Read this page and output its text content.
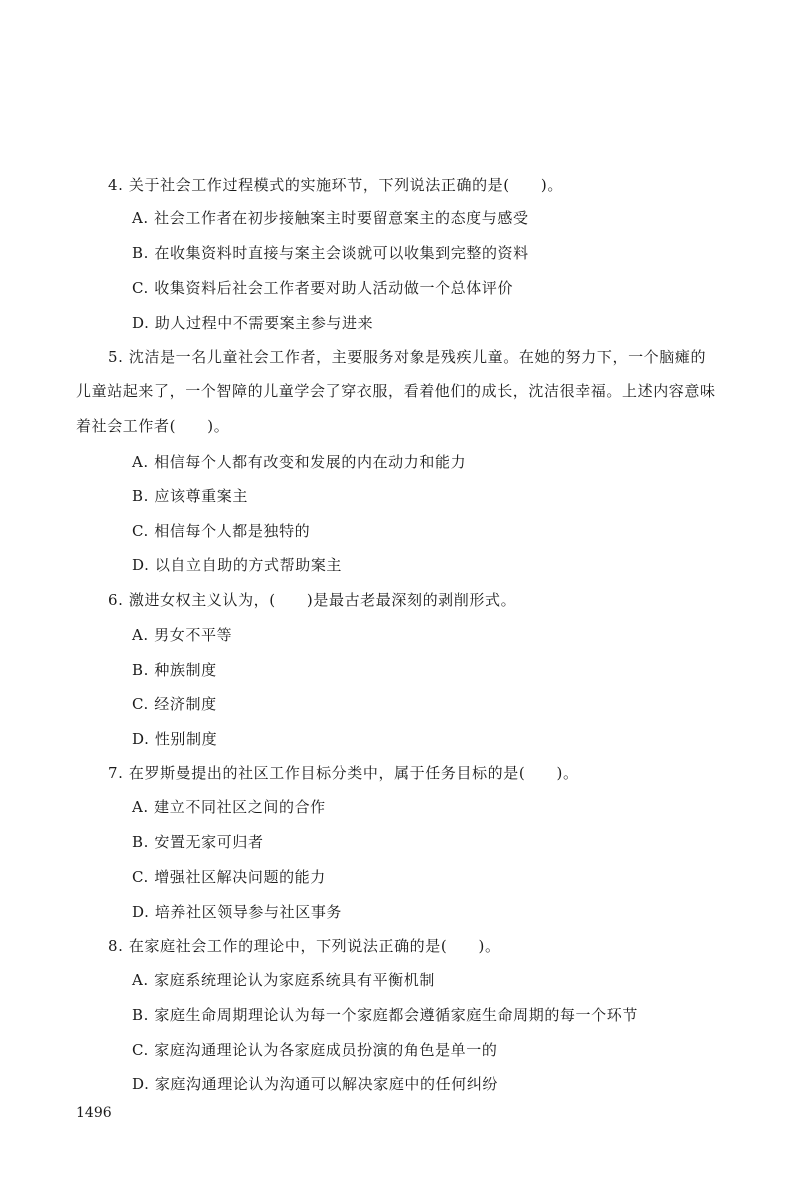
4. 关于社会工作过程模式的实施环节，下列说法正确的是(　　)。
A. 社会工作者在初步接触案主时要留意案主的态度与感受
B. 在收集资料时直接与案主会谈就可以收集到完整的资料
C. 收集资料后社会工作者要对助人活动做一个总体评价
D. 助人过程中不需要案主参与进来
5. 沈洁是一名儿童社会工作者，主要服务对象是残疾儿童。在她的努力下，一个脑瘫的
儿童站起来了，一个智障的儿童学会了穿衣服，看着他们的成长，沈洁很幸福。上述内容意味
着社会工作者(　　)。
A. 相信每个人都有改变和发展的内在动力和能力
B. 应该尊重案主
C. 相信每个人都是独特的
D. 以自立自助的方式帮助案主
6. 激进女权主义认为，(　　)是最古老最深刻的剥削形式。
A. 男女不平等
B. 种族制度
C. 经济制度
D. 性别制度
7. 在罗斯曼提出的社区工作目标分类中，属于任务目标的是(　　)。
A. 建立不同社区之间的合作
B. 安置无家可归者
C. 增强社区解决问题的能力
D. 培养社区领导参与社区事务
8. 在家庭社会工作的理论中，下列说法正确的是(　　)。
A. 家庭系统理论认为家庭系统具有平衡机制
B. 家庭生命周期理论认为每一个家庭都会遵循家庭生命周期的每一个环节
C. 家庭沟通理论认为各家庭成员扮演的角色是单一的
D. 家庭沟通理论认为沟通可以解决家庭中的任何纠纷
1496
